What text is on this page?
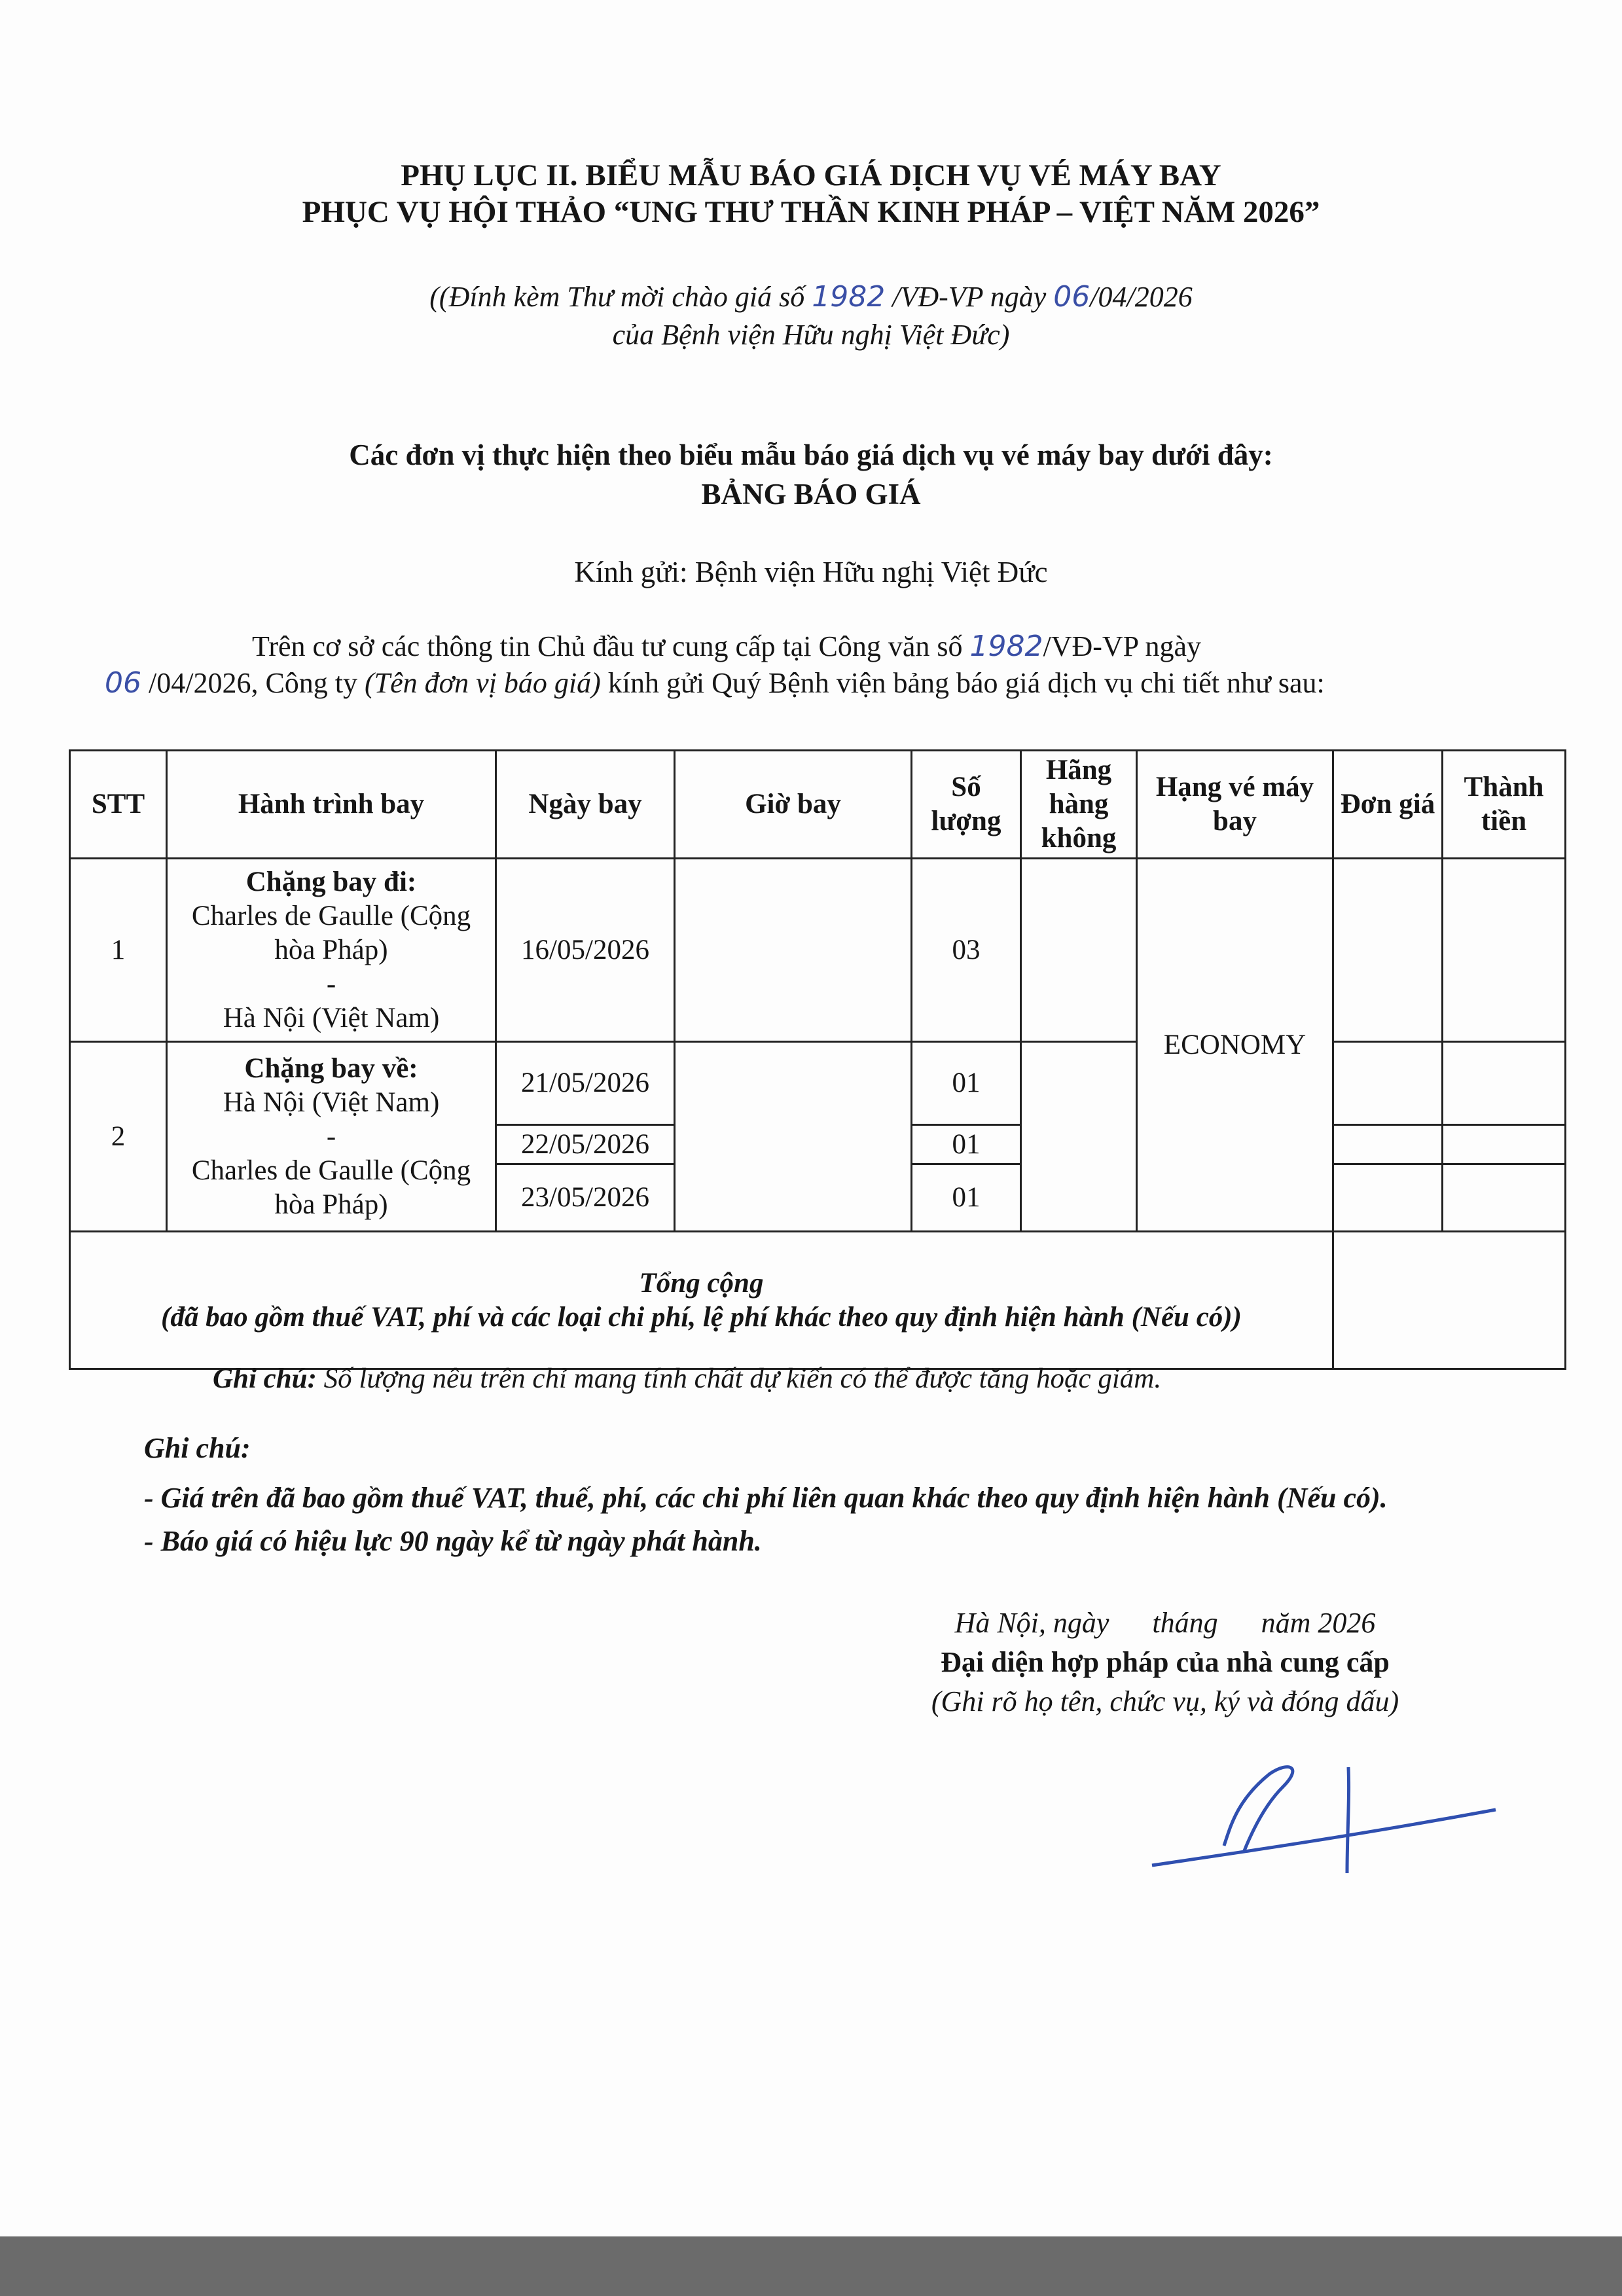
PHỤ LỤC II. BIỂU MẪU BÁO GIÁ DỊCH VỤ VÉ MÁY BAY
PHỤC VỤ HỘI THẢO “UNG THƯ THẦN KINH PHÁP – VIỆT NĂM 2026”
((Đính kèm Thư mời chào giá số 1982 /VĐ-VP ngày 06/04/2026
của Bệnh viện Hữu nghị Việt Đức)
Các đơn vị thực hiện theo biểu mẫu báo giá dịch vụ vé máy bay dưới đây:
BẢNG BÁO GIÁ
Kính gửi: Bệnh viện Hữu nghị Việt Đức

Trên cơ sở các thông tin Chủ đầu tư cung cấp tại Công văn số 1982/VĐ-VP ngày
06 /04/2026, Công ty (Tên đơn vị báo giá) kính gửi Quý Bệnh viện bảng báo giá dịch vụ chi tiết như sau:

STT	Hành trình bay	Ngày bay	Giờ bay	Số lượng	Hãng hàng không	Hạng vé máy bay	Đơn giá	Thành tiền
1	Chặng bay đi:
Charles de Gaulle (Cộng hòa Pháp)
-
Hà Nội (Việt Nam)	16/05/2026		03		ECONOMY		
2	Chặng bay về:
Hà Nội (Việt Nam)
-
Charles de Gaulle (Cộng hòa Pháp)	21/05/2026		01				
		22/05/2026		01				
		23/05/2026		01				

Tổng cộng
(đã bao gồm thuế VAT, phí và các loại chi phí, lệ phí khác theo quy định hiện hành (Nếu có))								

Ghi chú: Số lượng nêu trên chỉ mang tính chất dự kiến có thể được tăng hoặc giảm.

Ghi chú:
- Giá trên đã bao gồm thuế VAT, thuế, phí, các chi phí liên quan khác theo quy định hiện hành (Nếu có).
- Báo giá có hiệu lực 90 ngày kể từ ngày phát hành.
Hà Nội, ngày      tháng      năm 2026
Đại diện hợp pháp của nhà cung cấp
(Ghi rõ họ tên, chức vụ, ký và đóng dấu)
